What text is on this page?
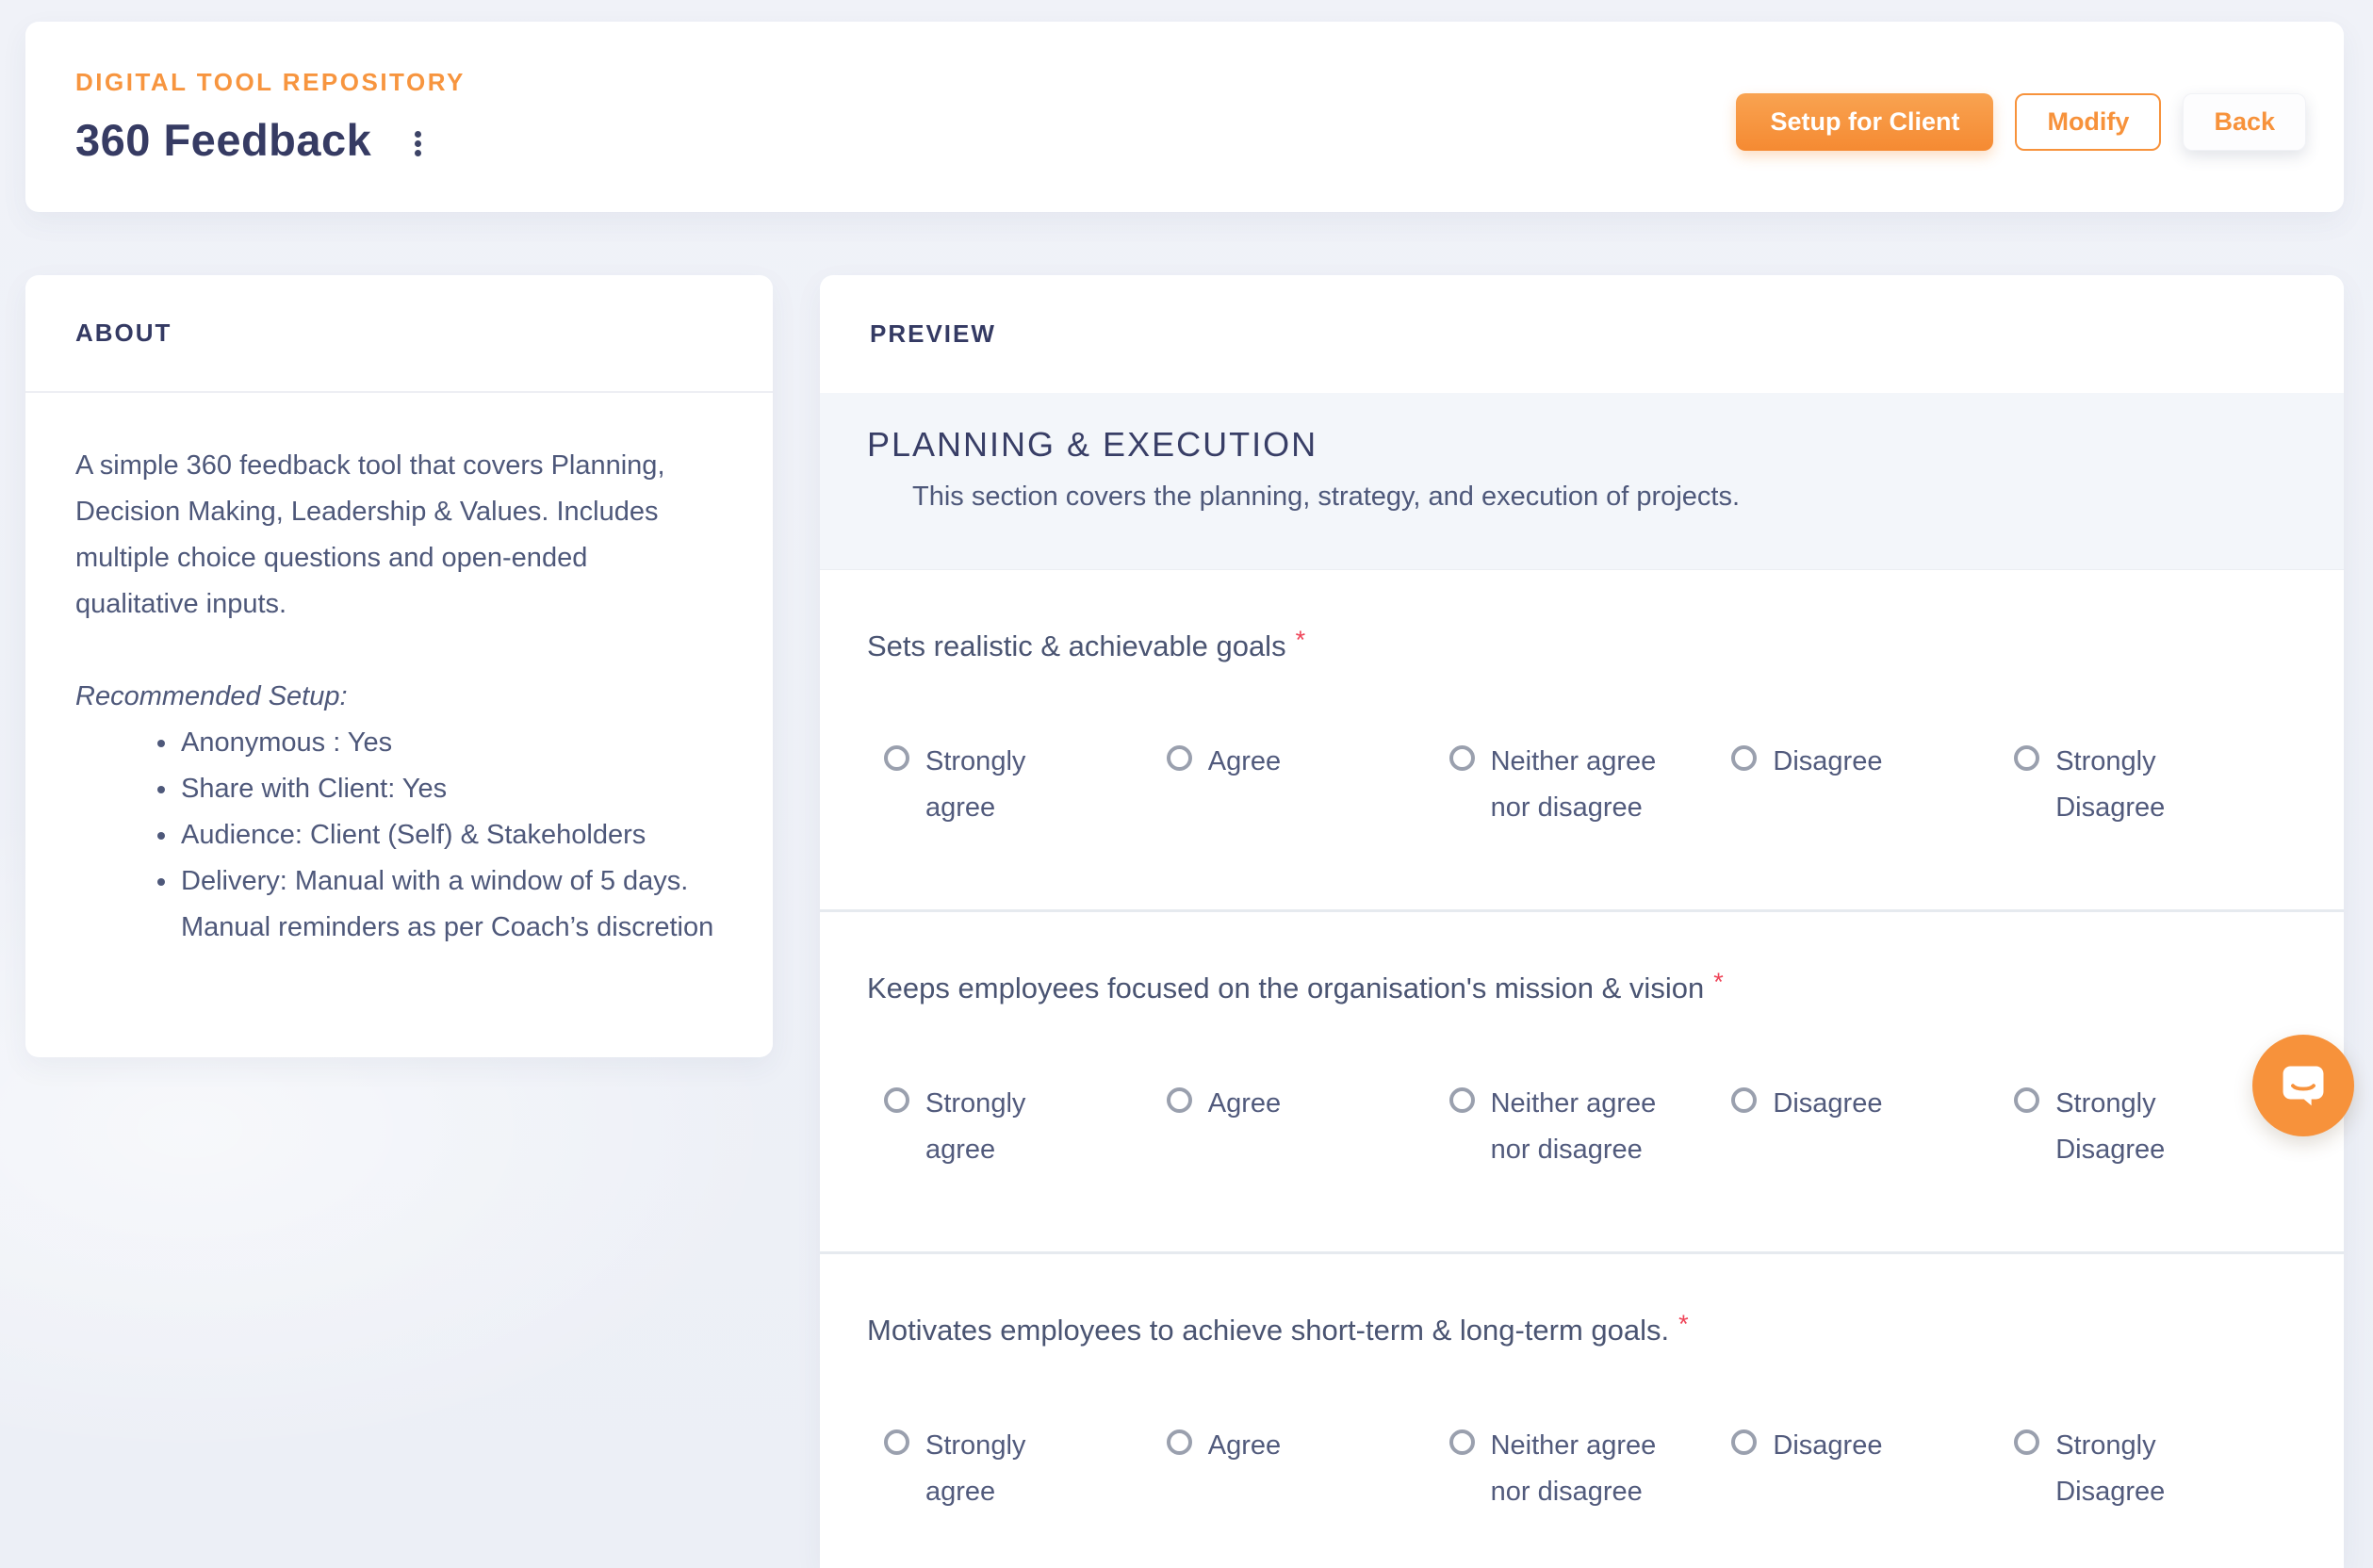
DIGITAL TOOL REPOSITORY
360 Feedback	Setup for Client	Modify	Back
ABOUT

A simple 360 feedback tool that covers Planning, Decision Making, Leadership & Values. Includes multiple choice questions and open-ended qualitative inputs.

Recommended Setup:
• Anonymous : Yes
• Share with Client: Yes
• Audience: Client (Self) & Stakeholders
• Delivery: Manual with a window of 5 days. Manual reminders as per Coach’s discretion
PREVIEW
PLANNING & EXECUTION
This section covers the planning, strategy, and execution of projects.
Sets realistic & achievable goals *
Strongly agree
Agree	Neither agree nor disagree
Disagree	Strongly Disagree
Keeps employees focused on the organisation's mission & vision *
Strongly agree
Agree	Neither agree nor disagree
Disagree	Strongly Disagree
Motivates employees to achieve short-term & long-term goals. *
Strongly agree
Agree	Neither agree nor disagree
Disagree	Strongly Disagree
